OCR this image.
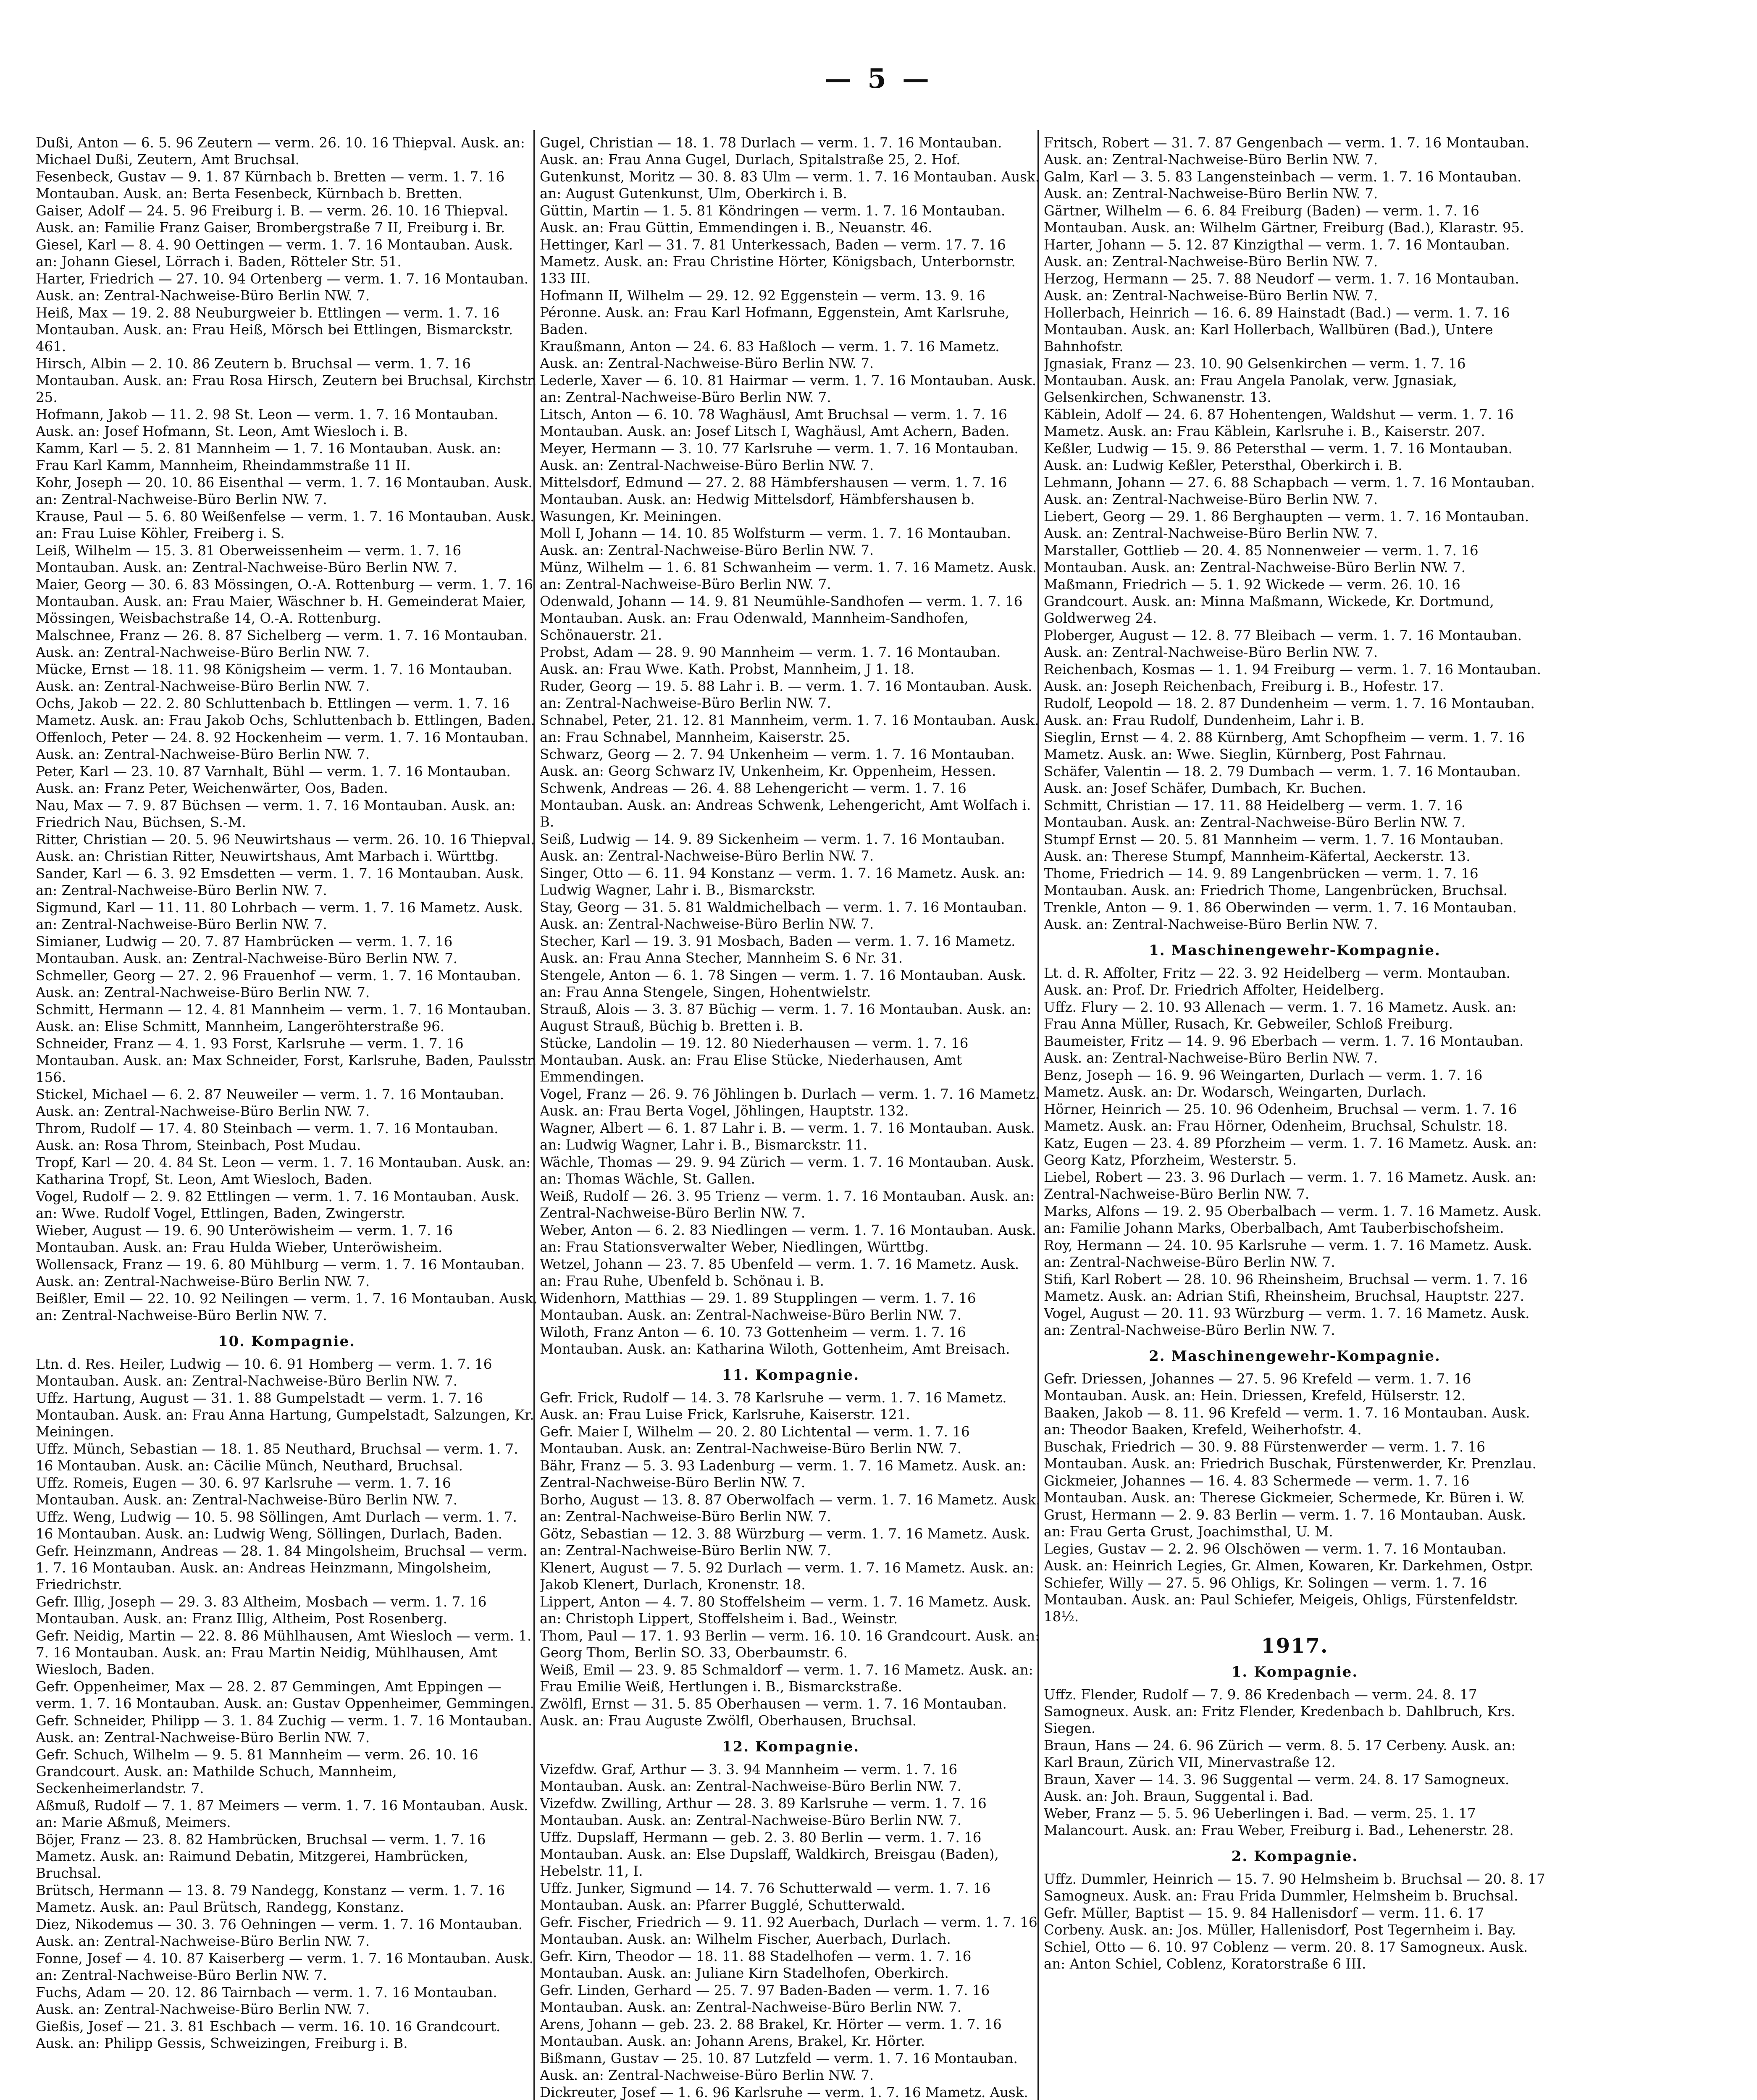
— 5 —

Dußi, Anton — 6. 5. 96 Zeutern — verm. 26. 10. 16 Thiepval. Ausk. an: Michael Dußi, Zeutern, Amt Bruchsal.

Fesenbeck, Gustav — 9. 1. 87 Kürnbach b. Bretten — verm. 1. 7. 16 Montauban. Ausk. an: Berta Fesenbeck, Kürnbach b. Bretten.

Gaiser, Adolf — 24. 5. 96 Freiburg i. B. — verm. 26. 10. 16 Thiepval. Ausk. an: Familie Franz Gaiser, Brombergstraße 7 II, Freiburg i. Br.

Giesel, Karl — 8. 4. 90 Oettingen — verm. 1. 7. 16 Montauban. Ausk. an: Johann Giesel, Lörrach i. Baden, Rötteler Str. 51.

Harter, Friedrich — 27. 10. 94 Ortenberg — verm. 1. 7. 16 Montauban. Ausk. an: Zentral-Nachweise-Büro Berlin NW. 7.

Heiß, Max — 19. 2. 88 Neuburgweier b. Ettlingen — verm. 1. 7. 16 Montauban. Ausk. an: Frau Heiß, Mörsch bei Ettlingen, Bismarckstr. 461.

Hirsch, Albin — 2. 10. 86 Zeutern b. Bruchsal — verm. 1. 7. 16 Montauban. Ausk. an: Frau Rosa Hirsch, Zeutern bei Bruchsal, Kirchstr. 25.

Hofmann, Jakob — 11. 2. 98 St. Leon — verm. 1. 7. 16 Montauban. Ausk. an: Josef Hofmann, St. Leon, Amt Wiesloch i. B.

Kamm, Karl — 5. 2. 81 Mannheim — 1. 7. 16 Montauban. Ausk. an: Frau Karl Kamm, Mannheim, Rheindammstraße 11 II.

Kohr, Joseph — 20. 10. 86 Eisenthal — verm. 1. 7. 16 Montauban. Ausk. an: Zentral-Nachweise-Büro Berlin NW. 7.

Krause, Paul — 5. 6. 80 Weißenfelse — verm. 1. 7. 16 Montauban. Ausk. an: Frau Luise Köhler, Freiberg i. S.

Leiß, Wilhelm — 15. 3. 81 Oberweissenheim — verm. 1. 7. 16 Montauban. Ausk. an: Zentral-Nachweise-Büro Berlin NW. 7.

Maier, Georg — 30. 6. 83 Mössingen, O.-A. Rottenburg — verm. 1. 7. 16 Montauban. Ausk. an: Frau Maier, Wäschner b. H. Gemeinderat Maier, Mössingen, Weisbachstraße 14, O.-A. Rottenburg.

Malschnee, Franz — 26. 8. 87 Sichelberg — verm. 1. 7. 16 Montauban. Ausk. an: Zentral-Nachweise-Büro Berlin NW. 7.

Mücke, Ernst — 18. 11. 98 Königsheim — verm. 1. 7. 16 Montauban. Ausk. an: Zentral-Nachweise-Büro Berlin NW. 7.

Ochs, Jakob — 22. 2. 80 Schluttenbach b. Ettlingen — verm. 1. 7. 16 Mametz. Ausk. an: Frau Jakob Ochs, Schluttenbach b. Ettlingen, Baden.

Offenloch, Peter — 24. 8. 92 Hockenheim — verm. 1. 7. 16 Montauban. Ausk. an: Zentral-Nachweise-Büro Berlin NW. 7.

Peter, Karl — 23. 10. 87 Varnhalt, Bühl — verm. 1. 7. 16 Montauban. Ausk. an: Franz Peter, Weichenwärter, Oos, Baden.

Nau, Max — 7. 9. 87 Büchsen — verm. 1. 7. 16 Montauban. Ausk. an: Friedrich Nau, Büchsen, S.-M.

Ritter, Christian — 20. 5. 96 Neuwirtshaus — verm. 26. 10. 16 Thiepval. Ausk. an: Christian Ritter, Neuwirtshaus, Amt Marbach i. Württbg.

Sander, Karl — 6. 3. 92 Emsdetten — verm. 1. 7. 16 Montauban. Ausk. an: Zentral-Nachweise-Büro Berlin NW. 7.

Sigmund, Karl — 11. 11. 80 Lohrbach — verm. 1. 7. 16 Mametz. Ausk. an: Zentral-Nachweise-Büro Berlin NW. 7.

Simianer, Ludwig — 20. 7. 87 Hambrücken — verm. 1. 7. 16 Montauban. Ausk. an: Zentral-Nachweise-Büro Berlin NW. 7.

Schmeller, Georg — 27. 2. 96 Frauenhof — verm. 1. 7. 16 Montauban. Ausk. an: Zentral-Nachweise-Büro Berlin NW. 7.

Schmitt, Hermann — 12. 4. 81 Mannheim — verm. 1. 7. 16 Montauban. Ausk. an: Elise Schmitt, Mannheim, Langeröhterstraße 96.

Schneider, Franz — 4. 1. 93 Forst, Karlsruhe — verm. 1. 7. 16 Montauban. Ausk. an: Max Schneider, Forst, Karlsruhe, Baden, Paulsstr. 156.

Stickel, Michael — 6. 2. 87 Neuweiler — verm. 1. 7. 16 Montauban. Ausk. an: Zentral-Nachweise-Büro Berlin NW. 7.

Throm, Rudolf — 17. 4. 80 Steinbach — verm. 1. 7. 16 Montauban. Ausk. an: Rosa Throm, Steinbach, Post Mudau.

Tropf, Karl — 20. 4. 84 St. Leon — verm. 1. 7. 16 Montauban. Ausk. an: Katharina Tropf, St. Leon, Amt Wiesloch, Baden.

Vogel, Rudolf — 2. 9. 82 Ettlingen — verm. 1. 7. 16 Montauban. Ausk. an: Wwe. Rudolf Vogel, Ettlingen, Baden, Zwingerstr.

Wieber, August — 19. 6. 90 Unteröwisheim — verm. 1. 7. 16 Montauban. Ausk. an: Frau Hulda Wieber, Unteröwisheim.

Wollensack, Franz — 19. 6. 80 Mühlburg — verm. 1. 7. 16 Montauban. Ausk. an: Zentral-Nachweise-Büro Berlin NW. 7.

Beißler, Emil — 22. 10. 92 Neilingen — verm. 1. 7. 16 Montauban. Ausk. an: Zentral-Nachweise-Büro Berlin NW. 7.

10. Kompagnie.

Ltn. d. Res. Heiler, Ludwig — 10. 6. 91 Homberg — verm. 1. 7. 16 Montauban. Ausk. an: Zentral-Nachweise-Büro Berlin NW. 7.

Uffz. Hartung, August — 31. 1. 88 Gumpelstadt — verm. 1. 7. 16 Montauban. Ausk. an: Frau Anna Hartung, Gumpelstadt, Salzungen, Kr. Meiningen.

Uffz. Münch, Sebastian — 18. 1. 85 Neuthard, Bruchsal — verm. 1. 7. 16 Montauban. Ausk. an: Cäcilie Münch, Neuthard, Bruchsal.

Uffz. Romeis, Eugen — 30. 6. 97 Karlsruhe — verm. 1. 7. 16 Montauban. Ausk. an: Zentral-Nachweise-Büro Berlin NW. 7.

Uffz. Weng, Ludwig — 10. 5. 98 Söllingen, Amt Durlach — verm. 1. 7. 16 Montauban. Ausk. an: Ludwig Weng, Söllingen, Durlach, Baden.

Gefr. Heinzmann, Andreas — 28. 1. 84 Mingolsheim, Bruchsal — verm. 1. 7. 16 Montauban. Ausk. an: Andreas Heinzmann, Mingolsheim, Friedrichstr.

Gefr. Illig, Joseph — 29. 3. 83 Altheim, Mosbach — verm. 1. 7. 16 Montauban. Ausk. an: Franz Illig, Altheim, Post Rosenberg.

Gefr. Neidig, Martin — 22. 8. 86 Mühlhausen, Amt Wiesloch — verm. 1. 7. 16 Montauban. Ausk. an: Frau Martin Neidig, Mühlhausen, Amt Wiesloch, Baden.

Gefr. Oppenheimer, Max — 28. 2. 87 Gemmingen, Amt Eppingen — verm. 1. 7. 16 Montauban. Ausk. an: Gustav Oppenheimer, Gemmingen.

Gefr. Schneider, Philipp — 3. 1. 84 Zuchig — verm. 1. 7. 16 Montauban. Ausk. an: Zentral-Nachweise-Büro Berlin NW. 7.

Gefr. Schuch, Wilhelm — 9. 5. 81 Mannheim — verm. 26. 10. 16 Grandcourt. Ausk. an: Mathilde Schuch, Mannheim, Seckenheimerlandstr. 7.

Aßmuß, Rudolf — 7. 1. 87 Meimers — verm. 1. 7. 16 Montauban. Ausk. an: Marie Aßmuß, Meimers.

Böjer, Franz — 23. 8. 82 Hambrücken, Bruchsal — verm. 1. 7. 16 Mametz. Ausk. an: Raimund Debatin, Mitzgerei, Hambrücken, Bruchsal.

Brütsch, Hermann — 13. 8. 79 Nandegg, Konstanz — verm. 1. 7. 16 Mametz. Ausk. an: Paul Brütsch, Randegg, Konstanz.

Diez, Nikodemus — 30. 3. 76 Oehningen — verm. 1. 7. 16 Montauban. Ausk. an: Zentral-Nachweise-Büro Berlin NW. 7.

Fonne, Josef — 4. 10. 87 Kaiserberg — verm. 1. 7. 16 Montauban. Ausk. an: Zentral-Nachweise-Büro Berlin NW. 7.

Fuchs, Adam — 20. 12. 86 Tairnbach — verm. 1. 7. 16 Montauban. Ausk. an: Zentral-Nachweise-Büro Berlin NW. 7.

Gießis, Josef — 21. 3. 81 Eschbach — verm. 16. 10. 16 Grandcourt. Ausk. an: Philipp Gessis, Schweizingen, Freiburg i. B.

Gugel, Christian — 18. 1. 78 Durlach — verm. 1. 7. 16 Montauban. Ausk. an: Frau Anna Gugel, Durlach, Spitalstraße 25, 2. Hof.

Gutenkunst, Moritz — 30. 8. 83 Ulm — verm. 1. 7. 16 Montauban. Ausk. an: August Gutenkunst, Ulm, Oberkirch i. B.

Güttin, Martin — 1. 5. 81 Köndringen — verm. 1. 7. 16 Montauban. Ausk. an: Frau Güttin, Emmendingen i. B., Neuanstr. 46.

Hettinger, Karl — 31. 7. 81 Unterkessach, Baden — verm. 17. 7. 16 Mametz. Ausk. an: Frau Christine Hörter, Königsbach, Unterbornstr. 133 III.

Hofmann II, Wilhelm — 29. 12. 92 Eggenstein — verm. 13. 9. 16 Péronne. Ausk. an: Frau Karl Hofmann, Eggenstein, Amt Karlsruhe, Baden.

Kraußmann, Anton — 24. 6. 83 Haßloch — verm. 1. 7. 16 Mametz. Ausk. an: Zentral-Nachweise-Büro Berlin NW. 7.

Lederle, Xaver — 6. 10. 81 Hairmar — verm. 1. 7. 16 Montauban. Ausk. an: Zentral-Nachweise-Büro Berlin NW. 7.

Litsch, Anton — 6. 10. 78 Waghäusl, Amt Bruchsal — verm. 1. 7. 16 Montauban. Ausk. an: Josef Litsch I, Waghäusl, Amt Achern, Baden.

Meyer, Hermann — 3. 10. 77 Karlsruhe — verm. 1. 7. 16 Montauban. Ausk. an: Zentral-Nachweise-Büro Berlin NW. 7.

Mittelsdorf, Edmund — 27. 2. 88 Hämbfershausen — verm. 1. 7. 16 Montauban. Ausk. an: Hedwig Mittelsdorf, Hämbfershausen b. Wasungen, Kr. Meiningen.

Moll I, Johann — 14. 10. 85 Wolfsturm — verm. 1. 7. 16 Montauban. Ausk. an: Zentral-Nachweise-Büro Berlin NW. 7.

Münz, Wilhelm — 1. 6. 81 Schwanheim — verm. 1. 7. 16 Mametz. Ausk. an: Zentral-Nachweise-Büro Berlin NW. 7.

Odenwald, Johann — 14. 9. 81 Neumühle-Sandhofen — verm. 1. 7. 16 Montauban. Ausk. an: Frau Odenwald, Mannheim-Sandhofen, Schönauerstr. 21.

Probst, Adam — 28. 9. 90 Mannheim — verm. 1. 7. 16 Montauban. Ausk. an: Frau Wwe. Kath. Probst, Mannheim, J 1. 18.

Ruder, Georg — 19. 5. 88 Lahr i. B. — verm. 1. 7. 16 Montauban. Ausk. an: Zentral-Nachweise-Büro Berlin NW. 7.

Schnabel, Peter, 21. 12. 81 Mannheim, verm. 1. 7. 16 Montauban. Ausk. an: Frau Schnabel, Mannheim, Kaiserstr. 25.

Schwarz, Georg — 2. 7. 94 Unkenheim — verm. 1. 7. 16 Montauban. Ausk. an: Georg Schwarz IV, Unkenheim, Kr. Oppenheim, Hessen.

Schwenk, Andreas — 26. 4. 88 Lehengericht — verm. 1. 7. 16 Montauban. Ausk. an: Andreas Schwenk, Lehengericht, Amt Wolfach i. B.

Seiß, Ludwig — 14. 9. 89 Sickenheim — verm. 1. 7. 16 Montauban. Ausk. an: Zentral-Nachweise-Büro Berlin NW. 7.

Singer, Otto — 6. 11. 94 Konstanz — verm. 1. 7. 16 Mametz. Ausk. an: Ludwig Wagner, Lahr i. B., Bismarckstr.

Stay, Georg — 31. 5. 81 Waldmichelbach — verm. 1. 7. 16 Montauban. Ausk. an: Zentral-Nachweise-Büro Berlin NW. 7.

Stecher, Karl — 19. 3. 91 Mosbach, Baden — verm. 1. 7. 16 Mametz. Ausk. an: Frau Anna Stecher, Mannheim S. 6 Nr. 31.

Stengele, Anton — 6. 1. 78 Singen — verm. 1. 7. 16 Montauban. Ausk. an: Frau Anna Stengele, Singen, Hohentwielstr.

Strauß, Alois — 3. 3. 87 Büchig — verm. 1. 7. 16 Montauban. Ausk. an: August Strauß, Büchig b. Bretten i. B.

Stücke, Landolin — 19. 12. 80 Niederhausen — verm. 1. 7. 16 Montauban. Ausk. an: Frau Elise Stücke, Niederhausen, Amt Emmendingen.

Vogel, Franz — 26. 9. 76 Jöhlingen b. Durlach — verm. 1. 7. 16 Mametz. Ausk. an: Frau Berta Vogel, Jöhlingen, Hauptstr. 132.

Wagner, Albert — 6. 1. 87 Lahr i. B. — verm. 1. 7. 16 Montauban. Ausk. an: Ludwig Wagner, Lahr i. B., Bismarckstr. 11.

Wächle, Thomas — 29. 9. 94 Zürich — verm. 1. 7. 16 Montauban. Ausk. an: Thomas Wächle, St. Gallen.

Weiß, Rudolf — 26. 3. 95 Trienz — verm. 1. 7. 16 Montauban. Ausk. an: Zentral-Nachweise-Büro Berlin NW. 7.

Weber, Anton — 6. 2. 83 Niedlingen — verm. 1. 7. 16 Montauban. Ausk. an: Frau Stationsverwalter Weber, Niedlingen, Württbg.

Wetzel, Johann — 23. 7. 85 Ubenfeld — verm. 1. 7. 16 Mametz. Ausk. an: Frau Ruhe, Ubenfeld b. Schönau i. B.

Widenhorn, Matthias — 29. 1. 89 Stupplingen — verm. 1. 7. 16 Montauban. Ausk. an: Zentral-Nachweise-Büro Berlin NW. 7.

Wiloth, Franz Anton — 6. 10. 73 Gottenheim — verm. 1. 7. 16 Montauban. Ausk. an: Katharina Wiloth, Gottenheim, Amt Breisach.

11. Kompagnie.

Gefr. Frick, Rudolf — 14. 3. 78 Karlsruhe — verm. 1. 7. 16 Mametz. Ausk. an: Frau Luise Frick, Karlsruhe, Kaiserstr. 121.

Gefr. Maier I, Wilhelm — 20. 2. 80 Lichtental — verm. 1. 7. 16 Montauban. Ausk. an: Zentral-Nachweise-Büro Berlin NW. 7.

Bähr, Franz — 5. 3. 93 Ladenburg — verm. 1. 7. 16 Mametz. Ausk. an: Zentral-Nachweise-Büro Berlin NW. 7.

Borho, August — 13. 8. 87 Oberwolfach — verm. 1. 7. 16 Mametz. Ausk. an: Zentral-Nachweise-Büro Berlin NW. 7.

Götz, Sebastian — 12. 3. 88 Würzburg — verm. 1. 7. 16 Mametz. Ausk. an: Zentral-Nachweise-Büro Berlin NW. 7.

Klenert, August — 7. 5. 92 Durlach — verm. 1. 7. 16 Mametz. Ausk. an: Jakob Klenert, Durlach, Kronenstr. 18.

Lippert, Anton — 4. 7. 80 Stoffelsheim — verm. 1. 7. 16 Mametz. Ausk. an: Christoph Lippert, Stoffelsheim i. Bad., Weinstr.

Thom, Paul — 17. 1. 93 Berlin — verm. 16. 10. 16 Grandcourt. Ausk. an: Georg Thom, Berlin SO. 33, Oberbaumstr. 6.

Weiß, Emil — 23. 9. 85 Schmaldorf — verm. 1. 7. 16 Mametz. Ausk. an: Frau Emilie Weiß, Hertlungen i. B., Bismarckstraße.

Zwölfl, Ernst — 31. 5. 85 Oberhausen — verm. 1. 7. 16 Montauban. Ausk. an: Frau Auguste Zwölfl, Oberhausen, Bruchsal.

12. Kompagnie.

Vizefdw. Graf, Arthur — 3. 3. 94 Mannheim — verm. 1. 7. 16 Montauban. Ausk. an: Zentral-Nachweise-Büro Berlin NW. 7.

Vizefdw. Zwilling, Arthur — 28. 3. 89 Karlsruhe — verm. 1. 7. 16 Montauban. Ausk. an: Zentral-Nachweise-Büro Berlin NW. 7.

Uffz. Dupslaff, Hermann — geb. 2. 3. 80 Berlin — verm. 1. 7. 16 Montauban. Ausk. an: Else Dupslaff, Waldkirch, Breisgau (Baden), Hebelstr. 11, I.

Uffz. Junker, Sigmund — 14. 7. 76 Schutterwald — verm. 1. 7. 16 Montauban. Ausk. an: Pfarrer Bugglé, Schutterwald.

Gefr. Fischer, Friedrich — 9. 11. 92 Auerbach, Durlach — verm. 1. 7. 16 Montauban. Ausk. an: Wilhelm Fischer, Auerbach, Durlach.

Gefr. Kirn, Theodor — 18. 11. 88 Stadelhofen — verm. 1. 7. 16 Montauban. Ausk. an: Juliane Kirn Stadelhofen, Oberkirch.

Gefr. Linden, Gerhard — 25. 7. 97 Baden-Baden — verm. 1. 7. 16 Montauban. Ausk. an: Zentral-Nachweise-Büro Berlin NW. 7.

Arens, Johann — geb. 23. 2. 88 Brakel, Kr. Hörter — verm. 1. 7. 16 Montauban. Ausk. an: Johann Arens, Brakel, Kr. Hörter.

Bißmann, Gustav — 25. 10. 87 Lutzfeld — verm. 1. 7. 16 Montauban. Ausk. an: Zentral-Nachweise-Büro Berlin NW. 7.

Dickreuter, Josef — 1. 6. 96 Karlsruhe — verm. 1. 7. 16 Mametz. Ausk.

Fritsch, Robert — 31. 7. 87 Gengenbach — verm. 1. 7. 16 Montauban. Ausk. an: Zentral-Nachweise-Büro Berlin NW. 7.

Galm, Karl — 3. 5. 83 Langensteinbach — verm. 1. 7. 16 Montauban. Ausk. an: Zentral-Nachweise-Büro Berlin NW. 7.

Gärtner, Wilhelm — 6. 6. 84 Freiburg (Baden) — verm. 1. 7. 16 Montauban. Ausk. an: Wilhelm Gärtner, Freiburg (Bad.), Klarastr. 95.

Harter, Johann — 5. 12. 87 Kinzigthal — verm. 1. 7. 16 Montauban. Ausk. an: Zentral-Nachweise-Büro Berlin NW. 7.

Herzog, Hermann — 25. 7. 88 Neudorf — verm. 1. 7. 16 Montauban. Ausk. an: Zentral-Nachweise-Büro Berlin NW. 7.

Hollerbach, Heinrich — 16. 6. 89 Hainstadt (Bad.) — verm. 1. 7. 16 Montauban. Ausk. an: Karl Hollerbach, Wallbüren (Bad.), Untere Bahnhofstr.

Jgnasiak, Franz — 23. 10. 90 Gelsenkirchen — verm. 1. 7. 16 Montauban. Ausk. an: Frau Angela Panolak, verw. Jgnasiak, Gelsenkirchen, Schwanenstr. 13.

Käblein, Adolf — 24. 6. 87 Hohentengen, Waldshut — verm. 1. 7. 16 Mametz. Ausk. an: Frau Käblein, Karlsruhe i. B., Kaiserstr. 207.

Keßler, Ludwig — 15. 9. 86 Petersthal — verm. 1. 7. 16 Montauban. Ausk. an: Ludwig Keßler, Petersthal, Oberkirch i. B.

Lehmann, Johann — 27. 6. 88 Schapbach — verm. 1. 7. 16 Montauban. Ausk. an: Zentral-Nachweise-Büro Berlin NW. 7.

Liebert, Georg — 29. 1. 86 Berghaupten — verm. 1. 7. 16 Montauban. Ausk. an: Zentral-Nachweise-Büro Berlin NW. 7.

Marstaller, Gottlieb — 20. 4. 85 Nonnenweier — verm. 1. 7. 16 Montauban. Ausk. an: Zentral-Nachweise-Büro Berlin NW. 7.

Maßmann, Friedrich — 5. 1. 92 Wickede — verm. 26. 10. 16 Grandcourt. Ausk. an: Minna Maßmann, Wickede, Kr. Dortmund, Goldwerweg 24.

Ploberger, August — 12. 8. 77 Bleibach — verm. 1. 7. 16 Montauban. Ausk. an: Zentral-Nachweise-Büro Berlin NW. 7.

Reichenbach, Kosmas — 1. 1. 94 Freiburg — verm. 1. 7. 16 Montauban. Ausk. an: Joseph Reichenbach, Freiburg i. B., Hofestr. 17.

Rudolf, Leopold — 18. 2. 87 Dundenheim — verm. 1. 7. 16 Montauban. Ausk. an: Frau Rudolf, Dundenheim, Lahr i. B.

Sieglin, Ernst — 4. 2. 88 Kürnberg, Amt Schopfheim — verm. 1. 7. 16 Mametz. Ausk. an: Wwe. Sieglin, Kürnberg, Post Fahrnau.

Schäfer, Valentin — 18. 2. 79 Dumbach — verm. 1. 7. 16 Montauban. Ausk. an: Josef Schäfer, Dumbach, Kr. Buchen.

Schmitt, Christian — 17. 11. 88 Heidelberg — verm. 1. 7. 16 Montauban. Ausk. an: Zentral-Nachweise-Büro Berlin NW. 7.

Stumpf Ernst — 20. 5. 81 Mannheim — verm. 1. 7. 16 Montauban. Ausk. an: Therese Stumpf, Mannheim-Käfertal, Aeckerstr. 13.

Thome, Friedrich — 14. 9. 89 Langenbrücken — verm. 1. 7. 16 Montauban. Ausk. an: Friedrich Thome, Langenbrücken, Bruchsal.

Trenkle, Anton — 9. 1. 86 Oberwinden — verm. 1. 7. 16 Montauban. Ausk. an: Zentral-Nachweise-Büro Berlin NW. 7.

1. Maschinengewehr-Kompagnie.

Lt. d. R. Affolter, Fritz — 22. 3. 92 Heidelberg — verm. Montauban. Ausk. an: Prof. Dr. Friedrich Affolter, Heidelberg.

Uffz. Flury — 2. 10. 93 Allenach — verm. 1. 7. 16 Mametz. Ausk. an: Frau Anna Müller, Rusach, Kr. Gebweiler, Schloß Freiburg.

Baumeister, Fritz — 14. 9. 96 Eberbach — verm. 1. 7. 16 Montauban. Ausk. an: Zentral-Nachweise-Büro Berlin NW. 7.

Benz, Joseph — 16. 9. 96 Weingarten, Durlach — verm. 1. 7. 16 Mametz. Ausk. an: Dr. Wodarsch, Weingarten, Durlach.

Hörner, Heinrich — 25. 10. 96 Odenheim, Bruchsal — verm. 1. 7. 16 Mametz. Ausk. an: Frau Hörner, Odenheim, Bruchsal, Schulstr. 18.

Katz, Eugen — 23. 4. 89 Pforzheim — verm. 1. 7. 16 Mametz. Ausk. an: Georg Katz, Pforzheim, Westerstr. 5.

Liebel, Robert — 23. 3. 96 Durlach — verm. 1. 7. 16 Mametz. Ausk. an: Zentral-Nachweise-Büro Berlin NW. 7.

Marks, Alfons — 19. 2. 95 Oberbalbach — verm. 1. 7. 16 Mametz. Ausk. an: Familie Johann Marks, Oberbalbach, Amt Tauberbischofsheim.

Roy, Hermann — 24. 10. 95 Karlsruhe — verm. 1. 7. 16 Mametz. Ausk. an: Zentral-Nachweise-Büro Berlin NW. 7.

Stifi, Karl Robert — 28. 10. 96 Rheinsheim, Bruchsal — verm. 1. 7. 16 Mametz. Ausk. an: Adrian Stifi, Rheinsheim, Bruchsal, Hauptstr. 227.

Vogel, August — 20. 11. 93 Würzburg — verm. 1. 7. 16 Mametz. Ausk. an: Zentral-Nachweise-Büro Berlin NW. 7.

2. Maschinengewehr-Kompagnie.

Gefr. Driessen, Johannes — 27. 5. 96 Krefeld — verm. 1. 7. 16 Montauban. Ausk. an: Hein. Driessen, Krefeld, Hülserstr. 12.

Baaken, Jakob — 8. 11. 96 Krefeld — verm. 1. 7. 16 Montauban. Ausk. an: Theodor Baaken, Krefeld, Weiherhofstr. 4.

Buschak, Friedrich — 30. 9. 88 Fürstenwerder — verm. 1. 7. 16 Montauban. Ausk. an: Friedrich Buschak, Fürstenwerder, Kr. Prenzlau.

Gickmeier, Johannes — 16. 4. 83 Schermede — verm. 1. 7. 16 Montauban. Ausk. an: Therese Gickmeier, Schermede, Kr. Büren i. W.

Grust, Hermann — 2. 9. 83 Berlin — verm. 1. 7. 16 Montauban. Ausk. an: Frau Gerta Grust, Joachimsthal, U. M.

Legies, Gustav — 2. 2. 96 Olschöwen — verm. 1. 7. 16 Montauban. Ausk. an: Heinrich Legies, Gr. Almen, Kowaren, Kr. Darkehmen, Ostpr.

Schiefer, Willy — 27. 5. 96 Ohligs, Kr. Solingen — verm. 1. 7. 16 Montauban. Ausk. an: Paul Schiefer, Meigeis, Ohligs, Fürstenfeldstr. 18½.

1917.

1. Kompagnie.

Uffz. Flender, Rudolf — 7. 9. 86 Kredenbach — verm. 24. 8. 17 Samogneux. Ausk. an: Fritz Flender, Kredenbach b. Dahlbruch, Krs. Siegen.

Braun, Hans — 24. 6. 96 Zürich — verm. 8. 5. 17 Cerbeny. Ausk. an: Karl Braun, Zürich VII, Minervastraße 12.

Braun, Xaver — 14. 3. 96 Suggental — verm. 24. 8. 17 Samogneux. Ausk. an: Joh. Braun, Suggental i. Bad.

Weber, Franz — 5. 5. 96 Ueberlingen i. Bad. — verm. 25. 1. 17 Malancourt. Ausk. an: Frau Weber, Freiburg i. Bad., Lehenerstr. 28.

2. Kompagnie.

Uffz. Dummler, Heinrich — 15. 7. 90 Helmsheim b. Bruchsal — 20. 8. 17 Samogneux. Ausk. an: Frau Frida Dummler, Helmsheim b. Bruchsal.

Gefr. Müller, Baptist — 15. 9. 84 Hallenisdorf — verm. 11. 6. 17 Corbeny. Ausk. an: Jos. Müller, Hallenisdorf, Post Tegernheim i. Bay.

Schiel, Otto — 6. 10. 97 Coblenz — verm. 20. 8. 17 Samogneux. Ausk. an: Anton Schiel, Coblenz, Koratorstraße 6 III.
